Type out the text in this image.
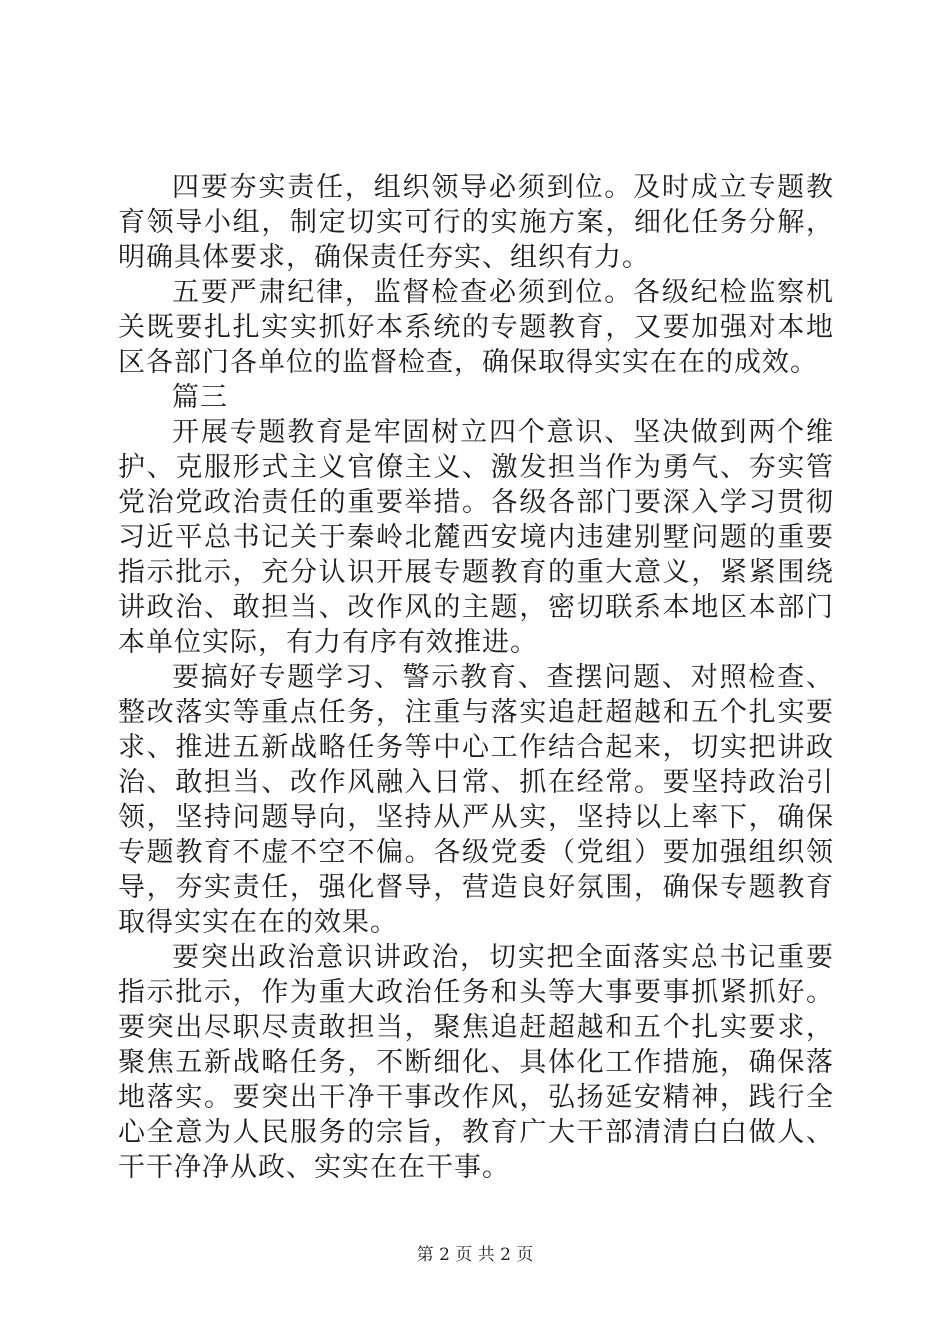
四要夯实责任，组织领导必须到位。及时成立专题教育领导小组，制定切实可行的实施方案，细化任务分解，明确具体要求，确保责任夯实、组织有力。

五要严肃纪律，监督检查必须到位。各级纪检监察机关既要扎扎实实抓好本系统的专题教育，又要加强对本地区各部门各单位的监督检查，确保取得实实在在的成效。

篇三

开展专题教育是牢固树立四个意识、坚决做到两个维护、克服形式主义官僚主义、激发担当作为勇气、夯实管党治党政治责任的重要举措。各级各部门要深入学习贯彻习近平总书记关于秦岭北麓西安境内违建别墅问题的重要指示批示，充分认识开展专题教育的重大意义，紧紧围绕讲政治、敢担当、改作风的主题，密切联系本地区本部门本单位实际，有力有序有效推进。

要搞好专题学习、警示教育、查摆问题、对照检查、整改落实等重点任务，注重与落实追赶超越和五个扎实要求、推进五新战略任务等中心工作结合起来，切实把讲政治、敢担当、改作风融入日常、抓在经常。要坚持政治引领，坚持问题导向，坚持从严从实，坚持以上率下，确保专题教育不虚不空不偏。各级党委（党组）要加强组织领导，夯实责任，强化督导，营造良好氛围，确保专题教育取得实实在在的效果。

要突出政治意识讲政治，切实把全面落实总书记重要指示批示，作为重大政治任务和头等大事要事抓紧抓好。要突出尽职尽责敢担当，聚焦追赶超越和五个扎实要求，聚焦五新战略任务，不断细化、具体化工作措施，确保落地落实。要突出干净干事改作风，弘扬延安精神，践行全心全意为人民服务的宗旨，教育广大干部清清白白做人、干干净净从政、实实在在干事。

第 2 页 共 2 页
